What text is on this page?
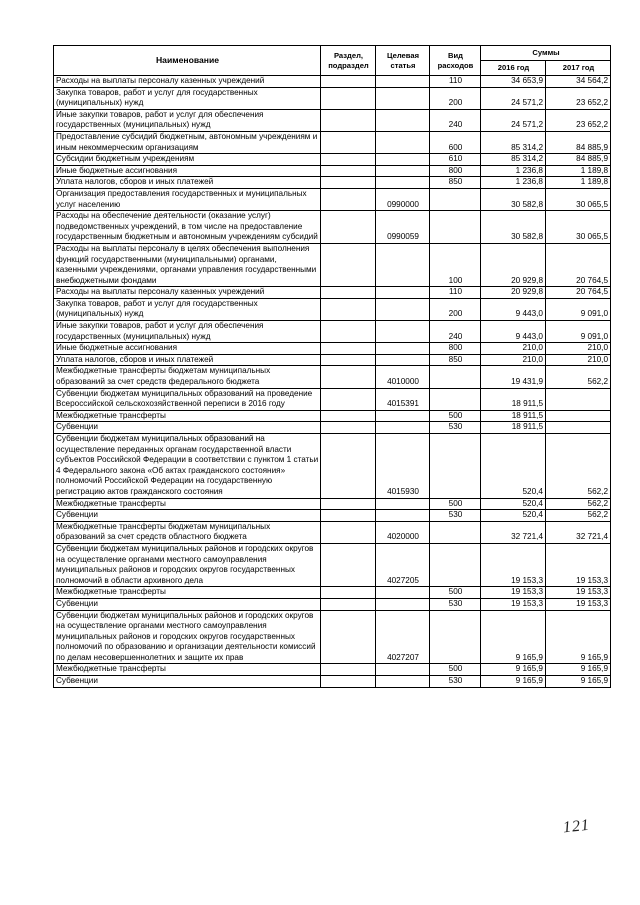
Наименование	Раздел, подраздел	Целевая статья	Вид расходов	Суммы	
				2016 год	2017 год
Расходы на выплаты персоналу казенных учреждений			110	34 653,9	34 564,2
Закупка товаров, работ и услуг для государственных (муниципальных) нужд			200	24 571,2	23 652,2
Иные закупки товаров, работ и услуг для обеспечения государственных (муниципальных) нужд			240	24 571,2	23 652,2
Предоставление субсидий бюджетным, автономным учреждениям и иным некоммерческим организациям			600	85 314,2	84 885,9
Субсидии бюджетным учреждениям			610	85 314,2	84 885,9
Иные бюджетные ассигнования			800	1 236,8	1 189,8
Уплата налогов, сборов и иных платежей			850	1 236,8	1 189,8
Организация предоставления государственных и муниципальных услуг населению		0990000		30 582,8	30 065,5
Расходы на обеспечение деятельности (оказание услуг) подведомственных учреждений, в том числе на предоставление государственным бюджетным и автономным учреждениям субсидий		0990059		30 582,8	30 065,5
Расходы на выплаты персоналу в целях обеспечения выполнения функций государственными (муниципальными) органами, казенными учреждениями, органами управления государственными внебюджетными фондами			100	20 929,8	20 764,5
Расходы на выплаты персоналу казенных учреждений			110	20 929,8	20 764,5
Закупка товаров, работ и услуг для государственных (муниципальных) нужд			200	9 443,0	9 091,0
Иные закупки товаров, работ и услуг для обеспечения государственных (муниципальных) нужд			240	9 443,0	9 091,0
Иные бюджетные ассигнования			800	210,0	210,0
Уплата налогов, сборов и иных платежей			850	210,0	210,0
Межбюджетные трансферты бюджетам муниципальных образований за счет средств федерального бюджета		4010000		19 431,9	562,2
Субвенции бюджетам муниципальных образований на проведение Всероссийской сельскохозяйственной переписи в 2016 году		4015391		18 911,5	
Межбюджетные трансферты			500	18 911,5	
Субвенции			530	18 911,5	
Субвенции бюджетам муниципальных образований на осуществление переданных органам государственной власти субъектов Российской Федерации в соответствии с пунктом 1 статьи 4 Федерального закона «Об актах гражданского состояния» полномочий Российской Федерации на государственную регистрацию актов гражданского состояния		4015930		520,4	562,2
Межбюджетные трансферты			500	520,4	562,2
Субвенции			530	520,4	562,2
Межбюджетные трансферты бюджетам муниципальных образований за счет средств областного бюджета		4020000		32 721,4	32 721,4
Субвенции бюджетам муниципальных районов и городских округов на осуществление органами местного самоуправления муниципальных районов и городских округов государственных полномочий в области архивного дела		4027205		19 153,3	19 153,3
Межбюджетные трансферты			500	19 153,3	19 153,3
Субвенции			530	19 153,3	19 153,3
Субвенции бюджетам муниципальных районов и городских округов на осуществление органами местного самоуправления муниципальных районов и городских округов государственных полномочий по образованию и организации деятельности комиссий по делам несовершеннолетних и защите их прав		4027207		9 165,9	9 165,9
Межбюджетные трансферты			500	9 165,9	9 165,9
Субвенции			530	9 165,9	9 165,9
121
